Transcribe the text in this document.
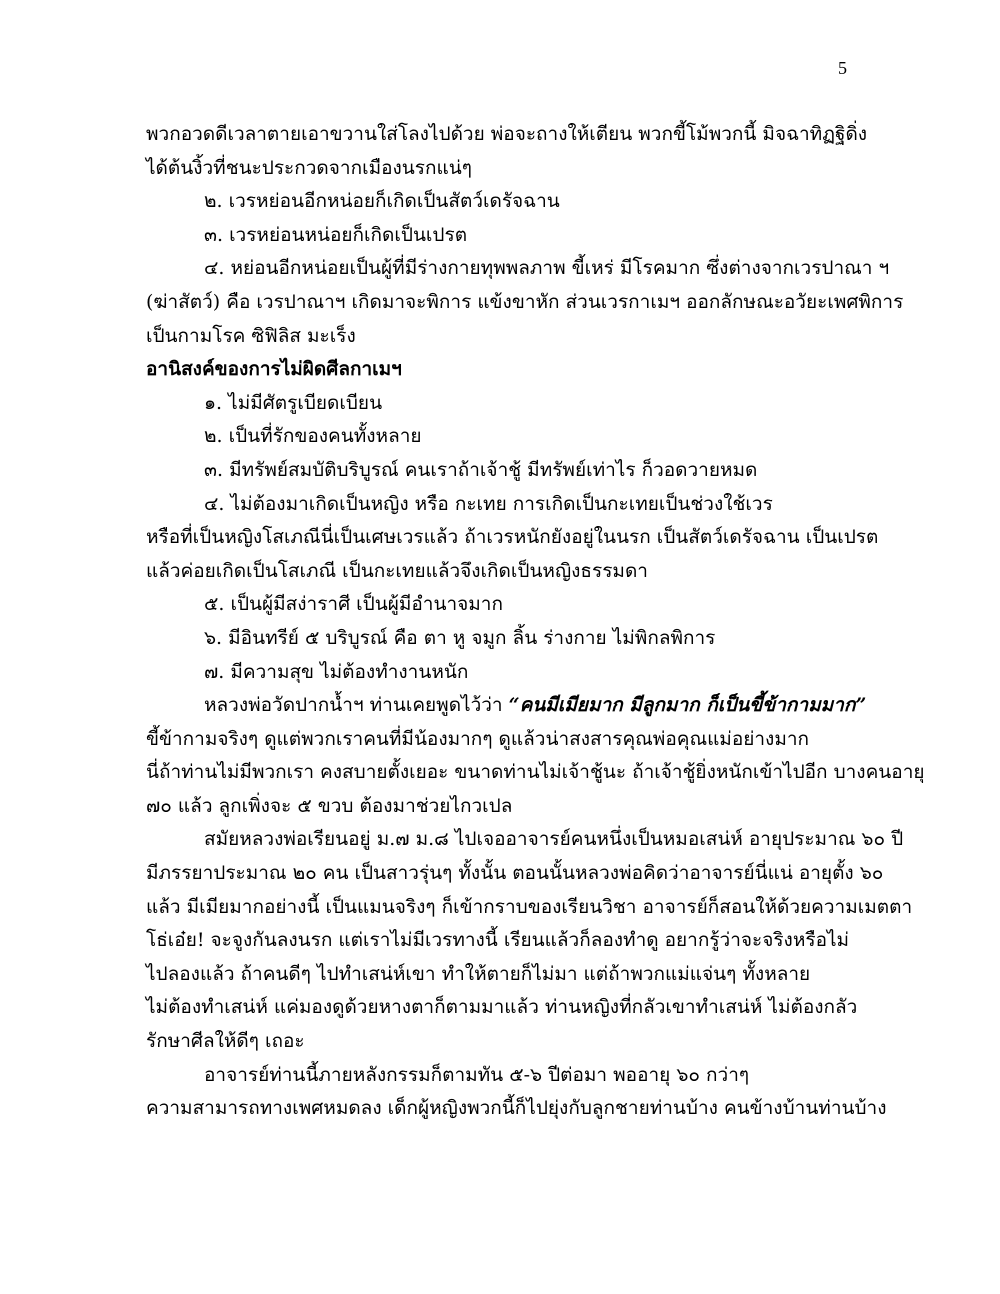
5
พวกอวดดีเวลาตายเอาขวานใส่โลงไปด้วย พ่อจะถางให้เตียน พวกขี้โม้พวกนี้ มิจฉาทิฏฐิดิ่ง
ได้ต้นงิ้วที่ชนะประกวดจากเมืองนรกแน่ๆ
๒. เวรหย่อนอีกหน่อยก็เกิดเป็นสัตว์เดรัจฉาน
๓. เวรหย่อนหน่อยก็เกิดเป็นเปรต
๔. หย่อนอีกหน่อยเป็นผู้ที่มีร่างกายทุพพลภาพ ขี้เหร่ มีโรคมาก ซึ่งต่างจากเวรปาณา ฯ
(ฆ่าสัตว์) คือ เวรปาณาฯ เกิดมาจะพิการ แข้งขาหัก ส่วนเวรกาเมฯ ออกลักษณะอวัยะเพศพิการ
เป็นกามโรค ซิฟิลิส มะเร็ง
อานิสงค์ของการไม่ผิดศีลกาเมฯ
๑. ไม่มีศัตรูเบียดเบียน
๒. เป็นที่รักของคนทั้งหลาย
๓. มีทรัพย์สมบัติบริบูรณ์ คนเราถ้าเจ้าชู้ มีทรัพย์เท่าไร ก็วอดวายหมด
๔. ไม่ต้องมาเกิดเป็นหญิง หรือ กะเทย การเกิดเป็นกะเทยเป็นช่วงใช้เวร
หรือที่เป็นหญิงโสเภณีนี่เป็นเศษเวรแล้ว ถ้าเวรหนักยังอยู่ในนรก เป็นสัตว์เดรัจฉาน เป็นเปรต
แล้วค่อยเกิดเป็นโสเภณี เป็นกะเทยแล้วจึงเกิดเป็นหญิงธรรมดา
๕. เป็นผู้มีสง่าราศี เป็นผู้มีอำนาจมาก
๖. มีอินทรีย์ ๕ บริบูรณ์ คือ ตา หู จมูก ลิ้น ร่างกาย ไม่พิกลพิการ
๗. มีความสุข ไม่ต้องทำงานหนัก
หลวงพ่อวัดปากน้ำฯ ท่านเคยพูดไว้ว่า “คนมีเมียมาก มีลูกมาก ก็เป็นขี้ข้ากามมาก”
ขี้ข้ากามจริงๆ ดูแต่พวกเราคนที่มีน้องมากๆ ดูแล้วน่าสงสารคุณพ่อคุณแม่อย่างมาก
นี่ถ้าท่านไม่มีพวกเรา คงสบายตั้งเยอะ ขนาดท่านไม่เจ้าชู้นะ ถ้าเจ้าชู้ยิ่งหนักเข้าไปอีก บางคนอายุ
๗๐ แล้ว ลูกเพิ่งจะ ๕ ขวบ ต้องมาช่วยไกวเปล
สมัยหลวงพ่อเรียนอยู่ ม.๗ ม.๘ ไปเจออาจารย์คนหนึ่งเป็นหมอเสน่ห์ อายุประมาณ ๖๐ ปี
มีภรรยาประมาณ ๒๐ คน เป็นสาวรุ่นๆ ทั้งนั้น ตอนนั้นหลวงพ่อคิดว่าอาจารย์นี่แน่ อายุตั้ง ๖๐
แล้ว มีเมียมากอย่างนี้ เป็นแมนจริงๆ ก็เข้ากราบของเรียนวิชา อาจารย์ก็สอนให้ด้วยความเมตตา
โธ่เอ๋ย! จะจูงกันลงนรก แต่เราไม่มีเวรทางนี้ เรียนแล้วก็ลองทำดู อยากรู้ว่าจะจริงหรือไม่
ไปลองแล้ว ถ้าคนดีๆ ไปทำเสน่ห์เขา ทำให้ตายก็ไม่มา แต่ถ้าพวกแม่แจ่นๆ ทั้งหลาย
ไม่ต้องทำเสน่ห์ แค่มองดูด้วยหางตาก็ตามมาแล้ว ท่านหญิงที่กลัวเขาทำเสน่ห์ ไม่ต้องกลัว
รักษาศีลให้ดีๆ เถอะ
อาจารย์ท่านนี้ภายหลังกรรมก็ตามทัน ๕-๖ ปีต่อมา พออายุ ๖๐ กว่าๆ
ความสามารถทางเพศหมดลง เด็กผู้หญิงพวกนี้ก็ไปยุ่งกับลูกชายท่านบ้าง คนข้างบ้านท่านบ้าง
